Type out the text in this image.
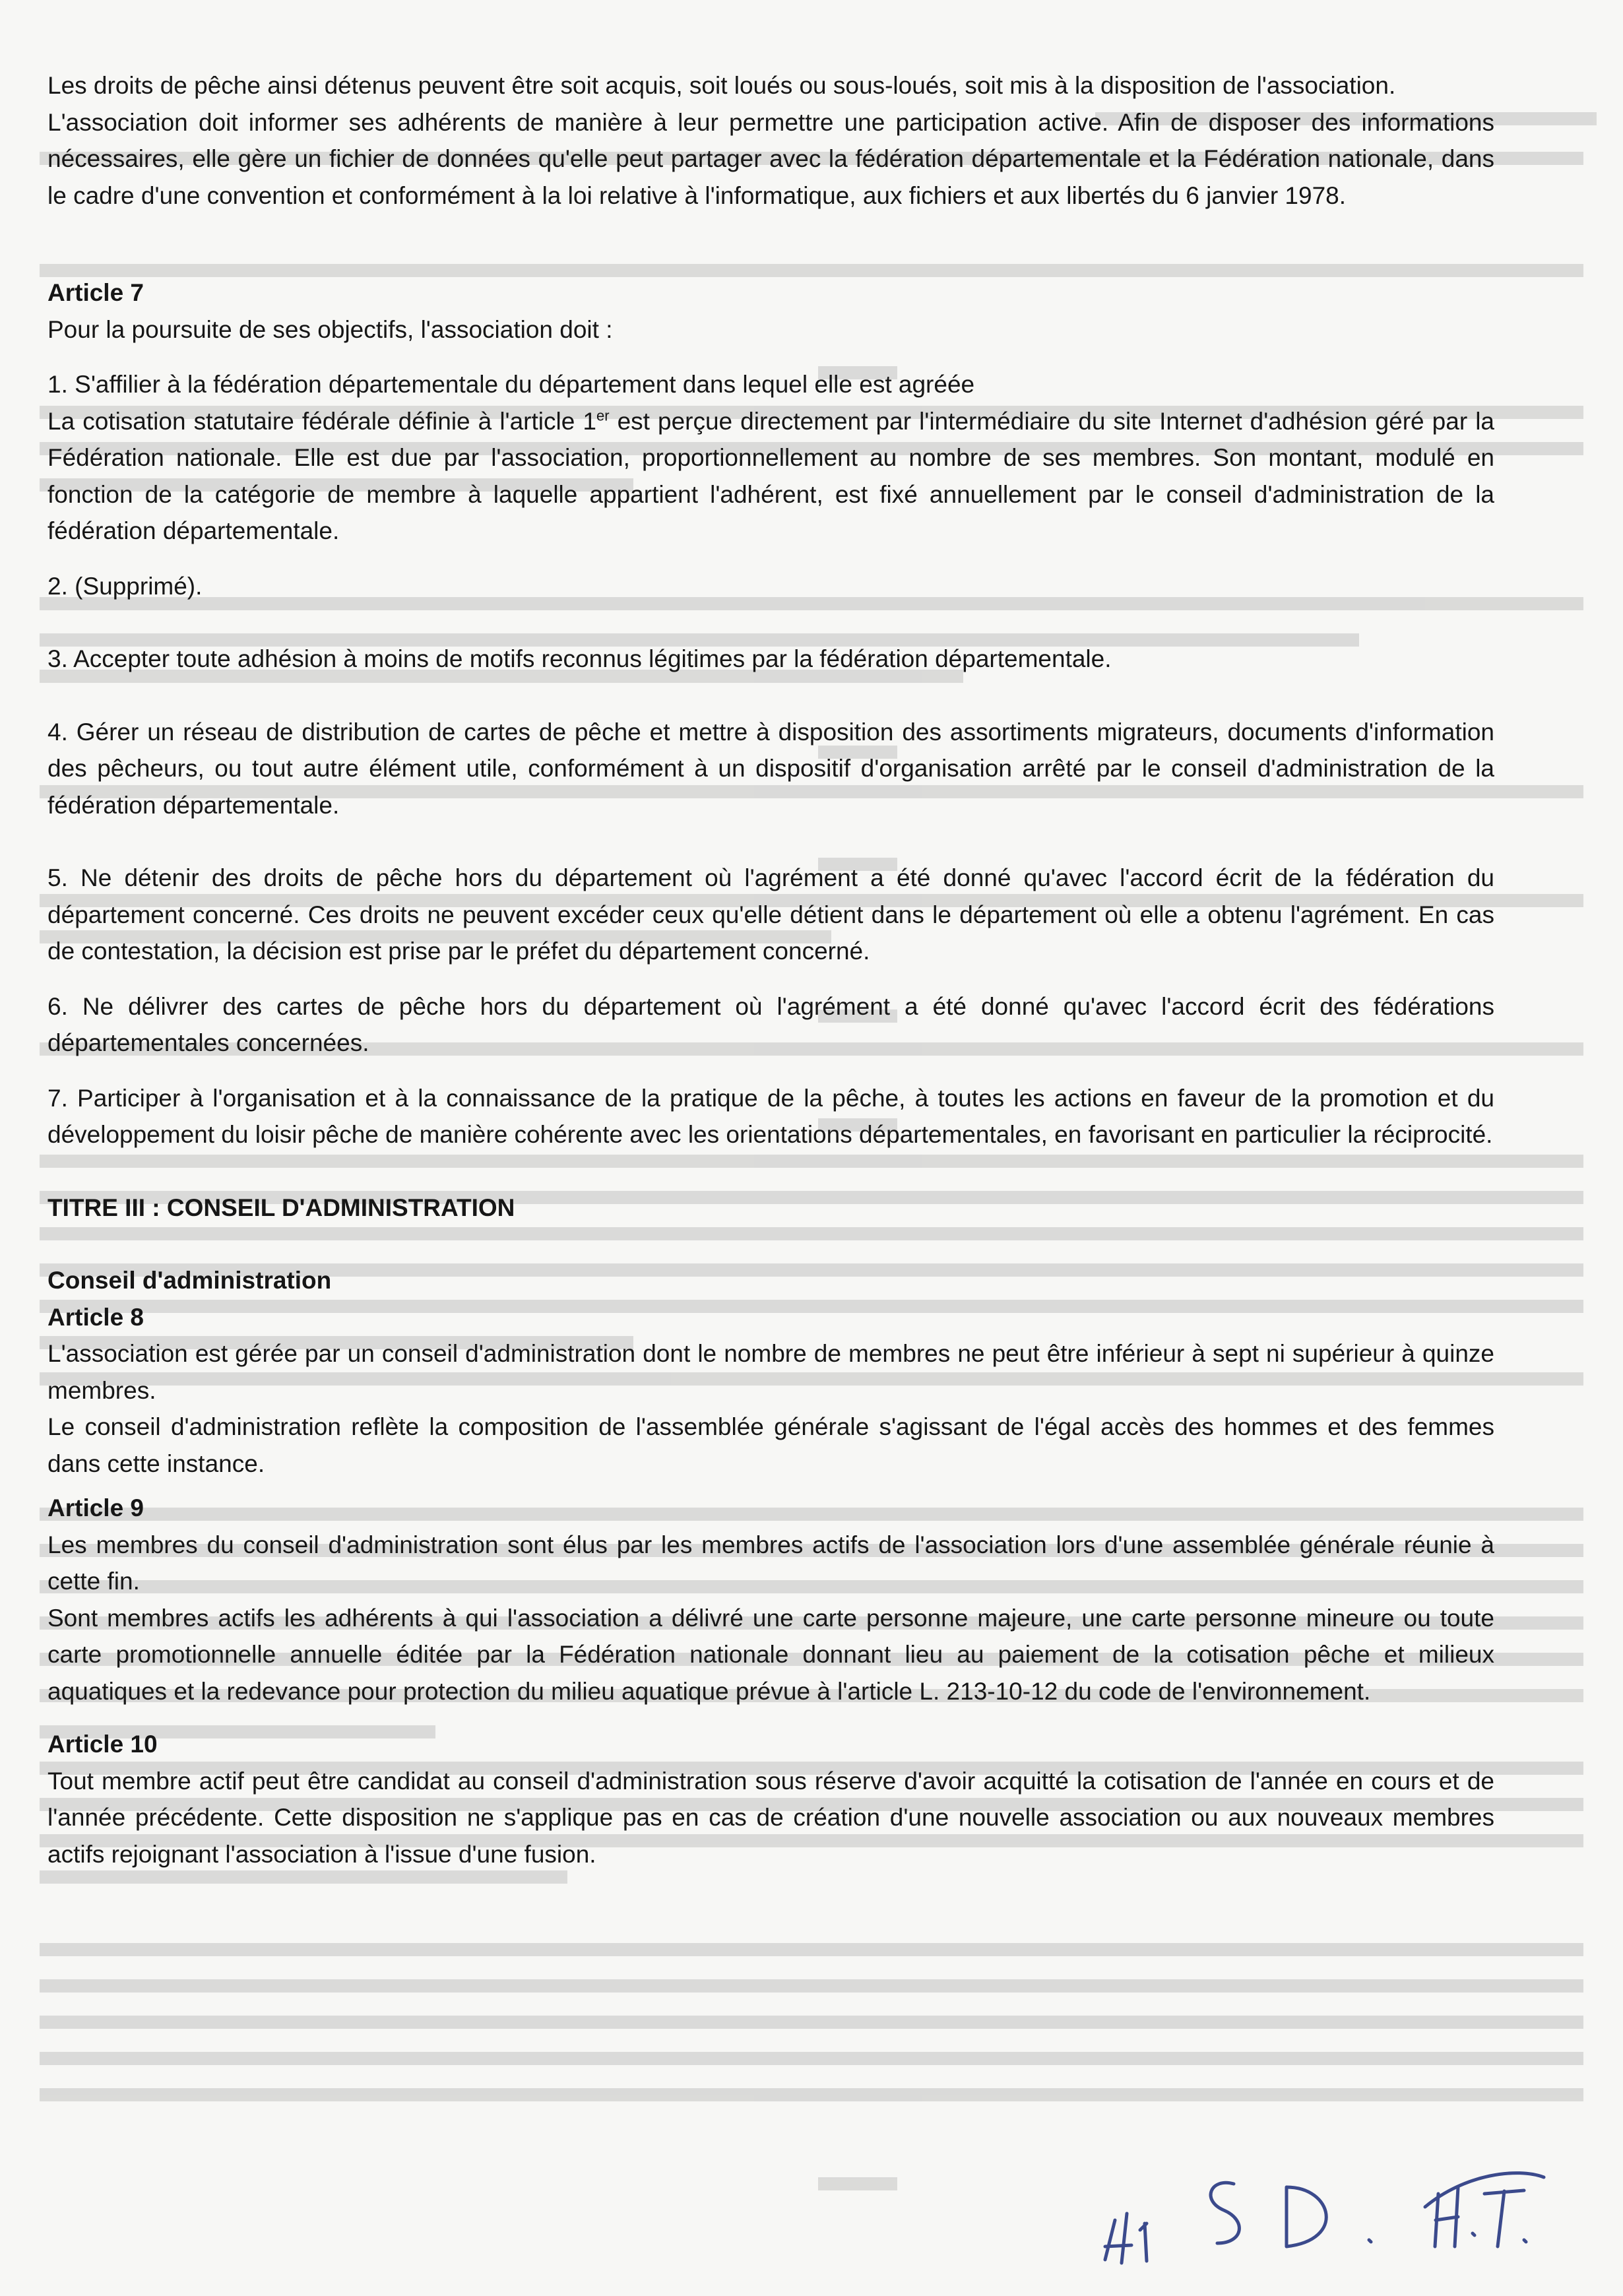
Les droits de pêche ainsi détenus peuvent être soit acquis, soit loués ou sous-loués, soit mis à la disposition de l'association.

L'association doit informer ses adhérents de manière à leur permettre une participation active. Afin de disposer des informations nécessaires, elle gère un fichier de données qu'elle peut partager avec la fédération départementale et la Fédération nationale, dans le cadre d'une convention et conformément à la loi relative à l'informatique, aux fichiers et aux libertés du 6 janvier 1978.

Article 7

Pour la poursuite de ses objectifs, l'association doit :

1. S'affilier à la fédération départementale du département dans lequel elle est agréée

La cotisation statutaire fédérale définie à l'article 1er est perçue directement par l'intermédiaire du site Internet d'adhésion géré par la Fédération nationale. Elle est due par l'association, proportionnellement au nombre de ses membres. Son montant, modulé en fonction de la catégorie de membre à laquelle appartient l'adhérent, est fixé annuellement par le conseil d'administration de la fédération départementale.

2. (Supprimé).

3. Accepter toute adhésion à moins de motifs reconnus légitimes par la fédération départementale.

4. Gérer un réseau de distribution de cartes de pêche et mettre à disposition des assortiments migrateurs, documents d'information des pêcheurs, ou tout autre élément utile, conformément à un dispositif d'organisation arrêté par le conseil d'administration de la fédération départementale.

5. Ne détenir des droits de pêche hors du département où l'agrément a été donné qu'avec l'accord écrit de la fédération du département concerné. Ces droits ne peuvent excéder ceux qu'elle détient dans le département où elle a obtenu l'agrément. En cas de contestation, la décision est prise par le préfet du département concerné.

6. Ne délivrer des cartes de pêche hors du département où l'agrément a été donné qu'avec l'accord écrit des fédérations départementales concernées.

7. Participer à l'organisation et à la connaissance de la pratique de la pêche, à toutes les actions en faveur de la promotion et du développement du loisir pêche de manière cohérente avec les orientations départementales, en favorisant en particulier la réciprocité.

TITRE III : CONSEIL D'ADMINISTRATION

Conseil d'administration

Article 8

L'association est gérée par un conseil d'administration dont le nombre de membres ne peut être inférieur à sept ni supérieur à quinze membres.

Le conseil d'administration reflète la composition de l'assemblée générale s'agissant de l'égal accès des hommes et des femmes dans cette instance.

Article 9

Les membres du conseil d'administration sont élus par les membres actifs de l'association lors d'une assemblée générale réunie à cette fin.

Sont membres actifs les adhérents à qui l'association a délivré une carte personne majeure, une carte personne mineure ou toute carte promotionnelle annuelle éditée par la Fédération nationale donnant lieu au paiement de la cotisation pêche et milieux aquatiques et la redevance pour protection du milieu aquatique prévue à l'article L. 213-10-12 du code de l'environnement.

Article 10

Tout membre actif peut être candidat au conseil d'administration sous réserve d'avoir acquitté la cotisation de l'année en cours et de l'année précédente. Cette disposition ne s'applique pas en cas de création d'une nouvelle association ou aux nouveaux membres actifs rejoignant l'association à l'issue d'une fusion.
